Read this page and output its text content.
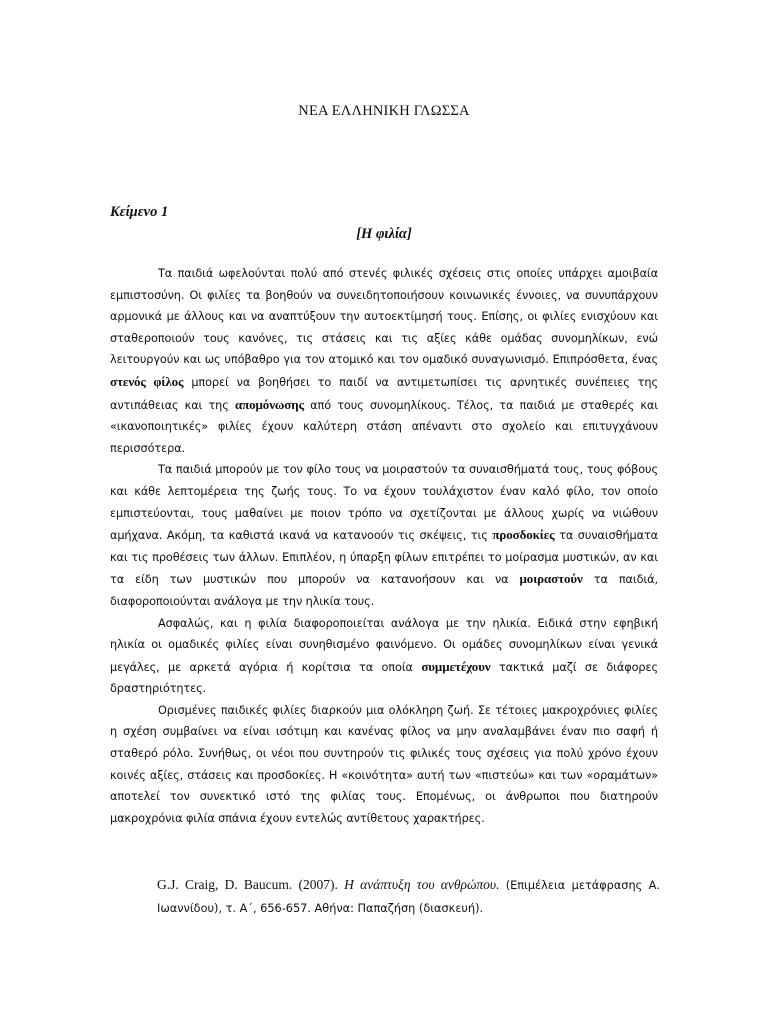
ΝΕΑ ΕΛΛΗΝΙΚΗ ΓΛΩΣΣΑ
Κείμενο 1
[Η φιλία]

Τα παιδιά ωφελούνται πολύ από στενές φιλικές σχέσεις στις οποίες υπάρχει αμοιβαία εμπιστοσύνη. Οι φιλίες τα βοηθούν να συνειδητοποιήσουν κοινωνικές έννοιες, να συνυπάρχουν αρμονικά με άλλους και να αναπτύξουν την αυτοεκτίμησή τους. Επίσης, οι φιλίες ενισχύουν και σταθεροποιούν τους κανόνες, τις στάσεις και τις αξίες κάθε ομάδας συνομηλίκων, ενώ λειτουργούν και ως υπόβαθρο για τον ατομικό και τον ομαδικό συναγωνισμό. Επιπρόσθετα, ένας στενός φίλος μπορεί να βοηθήσει το παιδί να αντιμετωπίσει τις αρνητικές συνέπειες της αντιπάθειας και της απομόνωσης από τους συνομηλίκους. Τέλος, τα παιδιά με σταθερές και «ικανοποιητικές» φιλίες έχουν καλύτερη στάση απέναντι στο σχολείο και επιτυγχάνουν περισσότερα.

Τα παιδιά μπορούν με τον φίλο τους να μοιραστούν τα συναισθήματά τους, τους φόβους και κάθε λεπτομέρεια της ζωής τους. Το να έχουν τουλάχιστον έναν καλό φίλο, τον οποίο εμπιστεύονται, τους μαθαίνει με ποιον τρόπο να σχετίζονται με άλλους χωρίς να νιώθουν αμήχανα. Ακόμη, τα καθιστά ικανά να κατανοούν τις σκέψεις, τις προσδοκίες τα συναισθήματα και τις προθέσεις των άλλων. Επιπλέον, η ύπαρξη φίλων επιτρέπει το μοίρασμα μυστικών, αν και τα είδη των μυστικών που μπορούν να κατανοήσουν και να μοιραστούν τα παιδιά, διαφοροποιούνται ανάλογα με την ηλικία τους.

Ασφαλώς, και η φιλία διαφοροποιείται ανάλογα με την ηλικία. Ειδικά στην εφηβική ηλικία οι ομαδικές φιλίες είναι συνηθισμένο φαινόμενο. Οι ομάδες συνομηλίκων είναι γενικά μεγάλες, με αρκετά αγόρια ή κορίτσια τα οποία συμμετέχουν τακτικά μαζί σε διάφορες δραστηριότητες.

Ορισμένες παιδικές φιλίες διαρκούν μια ολόκληρη ζωή. Σε τέτοιες μακροχρόνιες φιλίες η σχέση συμβαίνει να είναι ισότιμη και κανένας φίλος να μην αναλαμβάνει έναν πιο σαφή ή σταθερό ρόλο. Συνήθως, οι νέοι που συντηρούν τις φιλικές τους σχέσεις για πολύ χρόνο έχουν κοινές αξίες, στάσεις και προσδοκίες. Η «κοινότητα» αυτή των «πιστεύω» και των «οραμάτων» αποτελεί τον συνεκτικό ιστό της φιλίας τους. Επομένως, οι άνθρωποι που διατηρούν μακροχρόνια φιλία σπάνια έχουν εντελώς αντίθετους χαρακτήρες.

G.J. Craig, D. Baucum. (2007). Η ανάπτυξη του ανθρώπου. (Επιμέλεια μετάφρασης Α. Ιωαννίδου), τ. Α΄, 656-657. Αθήνα: Παπαζήση (διασκευή).
